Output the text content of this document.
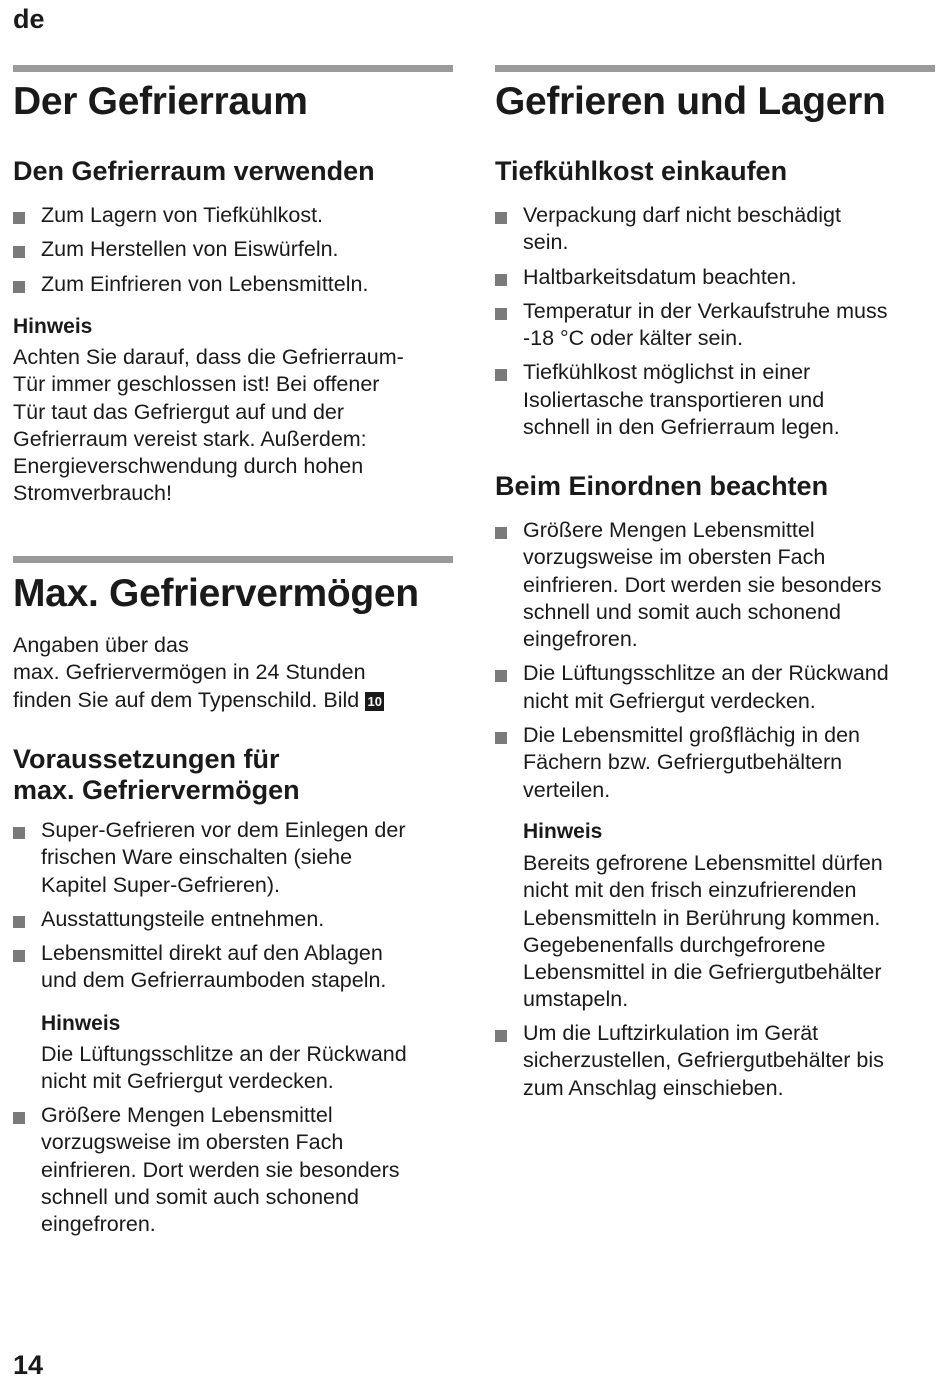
de
Der Gefrierraum
Den Gefrierraum verwenden
Zum Lagern von Tiefkühlkost.
Zum Herstellen von Eiswürfeln.
Zum Einfrieren von Lebensmitteln.
Hinweis

Achten Sie darauf, dass die Gefrierraum-
Tür immer geschlossen ist! Bei offener
Tür taut das Gefriergut auf und der
Gefrierraum vereist stark. Außerdem:
Energieverschwendung durch hohen
Stromverbrauch!

Max. Gefriervermögen

Angaben über das
max. Gefriervermögen in 24 Stunden
finden Sie auf dem Typenschild. Bild 10

Voraussetzungen für
max. Gefriervermögen
Super-Gefrieren vor dem Einlegen der
frischen Ware einschalten (siehe
Kapitel Super-Gefrieren).
Ausstattungsteile entnehmen.
Lebensmittel direkt auf den Ablagen
und dem Gefrierraumboden stapeln.
Hinweis

Die Lüftungsschlitze an der Rückwand
nicht mit Gefriergut verdecken.

Größere Mengen Lebensmittel
vorzugsweise im obersten Fach
einfrieren. Dort werden sie besonders
schnell und somit auch schonend
eingefroren.
Gefrieren und Lagern
Tiefkühlkost einkaufen
Verpackung darf nicht beschädigt
sein.
Haltbarkeitsdatum beachten.
Temperatur in der Verkaufstruhe muss
-18 °C oder kälter sein.
Tiefkühlkost möglichst in einer
Isoliertasche transportieren und
schnell in den Gefrierraum legen.
Beim Einordnen beachten
Größere Mengen Lebensmittel
vorzugsweise im obersten Fach
einfrieren. Dort werden sie besonders
schnell und somit auch schonend
eingefroren.
Die Lüftungsschlitze an der Rückwand
nicht mit Gefriergut verdecken.
Die Lebensmittel großflächig in den
Fächern bzw. Gefriergutbehältern
verteilen.
Hinweis

Bereits gefrorene Lebensmittel dürfen
nicht mit den frisch einzufrierenden
Lebensmitteln in Berührung kommen.
Gegebenenfalls durchgefrorene
Lebensmittel in die Gefriergutbehälter
umstapeln.

Um die Luftzirkulation im Gerät
sicherzustellen, Gefriergutbehälter bis
zum Anschlag einschieben.
14
